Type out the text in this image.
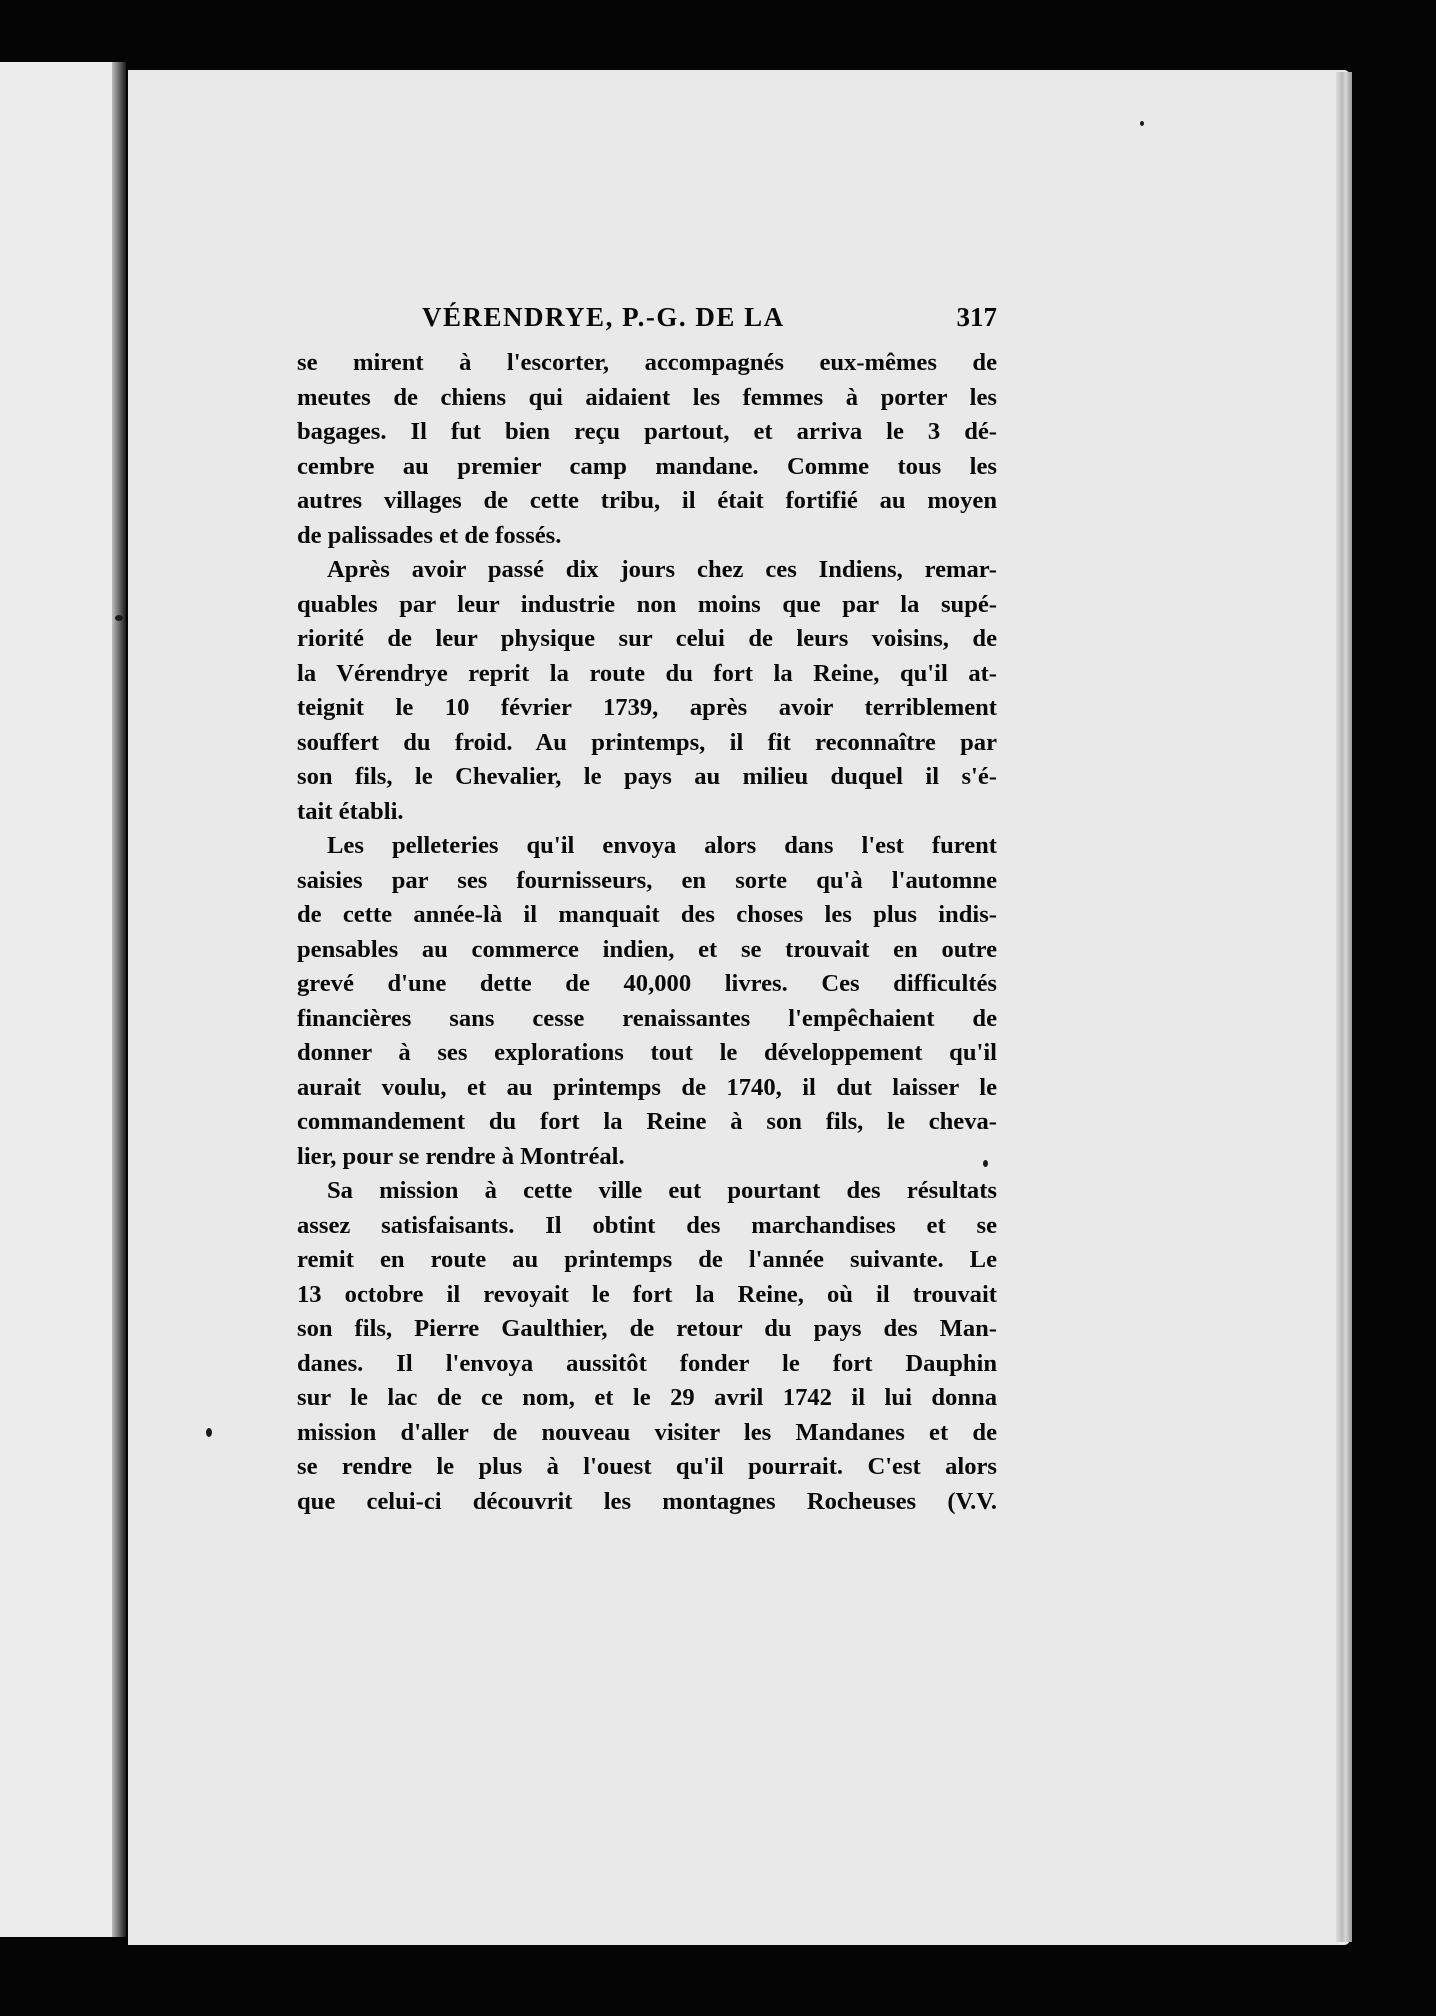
VÉRENDRYE, P.-G. DE LA	317
se mirent à l'escorter, accompagnés eux-mêmes de
meutes de chiens qui aidaient les femmes à porter les
bagages. Il fut bien reçu partout, et arriva le 3 dé-
cembre au premier camp mandane. Comme tous les
autres villages de cette tribu, il était fortifié au moyen
de palissades et de fossés.
Après avoir passé dix jours chez ces Indiens, remar-
quables par leur industrie non moins que par la supé-
riorité de leur physique sur celui de leurs voisins, de
la Vérendrye reprit la route du fort la Reine, qu'il at-
teignit le 10 février 1739, après avoir terriblement
souffert du froid. Au printemps, il fit reconnaître par
son fils, le Chevalier, le pays au milieu duquel il s'é-
tait établi.
Les pelleteries qu'il envoya alors dans l'est furent
saisies par ses fournisseurs, en sorte qu'à l'automne
de cette année-là il manquait des choses les plus indis-
pensables au commerce indien, et se trouvait en outre
grevé d'une dette de 40,000 livres. Ces difficultés
financières sans cesse renaissantes l'empêchaient de
donner à ses explorations tout le développement qu'il
aurait voulu, et au printemps de 1740, il dut laisser le
commandement du fort la Reine à son fils, le cheva-
lier, pour se rendre à Montréal.
Sa mission à cette ville eut pourtant des résultats
assez satisfaisants. Il obtint des marchandises et se
remit en route au printemps de l'année suivante. Le
13 octobre il revoyait le fort la Reine, où il trouvait
son fils, Pierre Gaulthier, de retour du pays des Man-
danes. Il l'envoya aussitôt fonder le fort Dauphin
sur le lac de ce nom, et le 29 avril 1742 il lui donna
mission d'aller de nouveau visiter les Mandanes et de
se rendre le plus à l'ouest qu'il pourrait. C'est alors
que celui-ci découvrit les montagnes Rocheuses (V.V.
